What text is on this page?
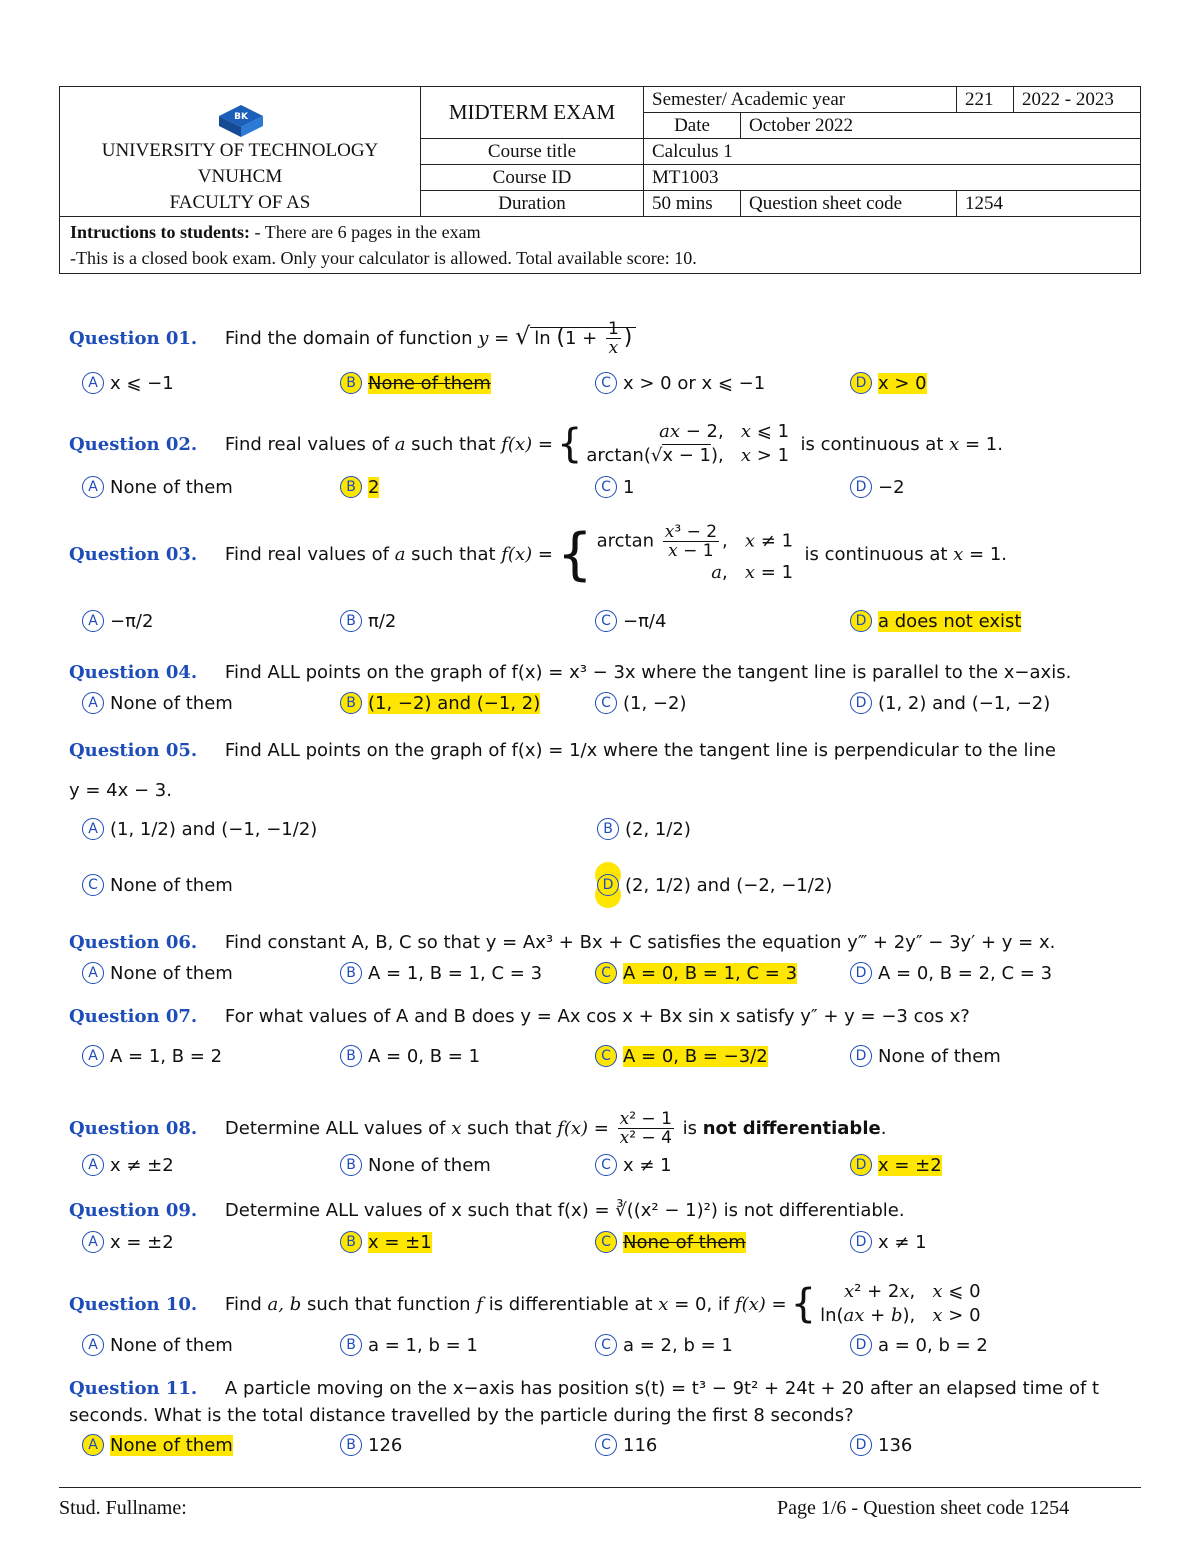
BK
UNIVERSITY OF TECHNOLOGY
VNUHCM
FACULTY OF AS	MIDTERM EXAM	Semester/ Academic year		221	2022 - 2023
		Date	October 2022		
	Course title	Calculus 1			
	Course ID	MT1003			
	Duration	50 mins	Question sheet code	1254	
Intructions to students: - There are 6 pages in the exam
-This is a closed book exam. Only your calculator is allowed. Total available score: 10.					
Question 01. Find the domain of function y = √ $\ln (1 + \frac{1}{x}$ )
Question 02. Find real values of a such that f(x) = {	ax − 2,   x ⩽ 1
arctan(√x − 1),   x > 1
is continuous at x = 1.
Question 03. Find real values of a such that f(x) = { $\arctan \frac{\text{x³ − 2}}{x - 1}$ ,   x ≠ 1
a,   x = 1
is continuous at x = 1.
Question 04. Find ALL points on the graph of f(x) = x³ − 3x where the tangent line is parallel to the x−axis.
Question 05. Find ALL points on the graph of f(x) = 1/x where the tangent line is perpendicular to the line
y = 4x − 3.
Question 06. Find constant A, B, C so that y = Ax³ + Bx + C satisfies the equation y‴ + 2y″ − 3y′ + y = x.
Question 07. For what values of A and B does y = Ax cos x + Bx sin x satisfy y″ + y = −3 cos x?
Question 08. Determine ALL values of x such that $f(x) = \frac{\text{x² − 1}}{\text{x² − 4}}$ is not differentiable.
Question 09. Determine ALL values of x such that f(x) = ∛((x² − 1)²) is not differentiable.
Question 10. Find a, b such that function f is differentiable at x = 0, if f(x) = {	x² + 2x,   x ⩽ 0
ln(ax + b),   x > 0
Question 11. A particle moving on the x−axis has position s(t) = t³ − 9t² + 24t + 20 after an elapsed time of t
seconds. What is the total distance travelled by the particle during the first 8 seconds?
A x ⩽ −1	B None of them	C x > 0 or x ⩽ −1	D x > 0
A None of them	B 2	C 1	D −2
A −π/2	B π/2	C −π/4	D a does not exist
A None of them	B (1, −2) and (−1, 2)	C (1, −2)	D (1, 2) and (−1, −2)
A (1, 1/2) and (−1, −1/2)	B (2, 1/2)
C None of them	D (2, 1/2) and (−2, −1/2)
A None of them	B A = 1, B = 1, C = 3	C A = 0, B = 1, C = 3	D A = 0, B = 2, C = 3
A A = 1, B = 2	B A = 0, B = 1	C A = 0, B = −3/2	D None of them
A x ≠ ±2	B None of them	C x ≠ 1	D x = ±2
A x = ±2	B x = ±1	C None of them	D x ≠ 1
A None of them	B a = 1, b = 1	C a = 2, b = 1	D a = 0, b = 2
A None of them	B 126	C 116	D 136
Stud. Fullname:	Page 1/6 - Question sheet code 1254
